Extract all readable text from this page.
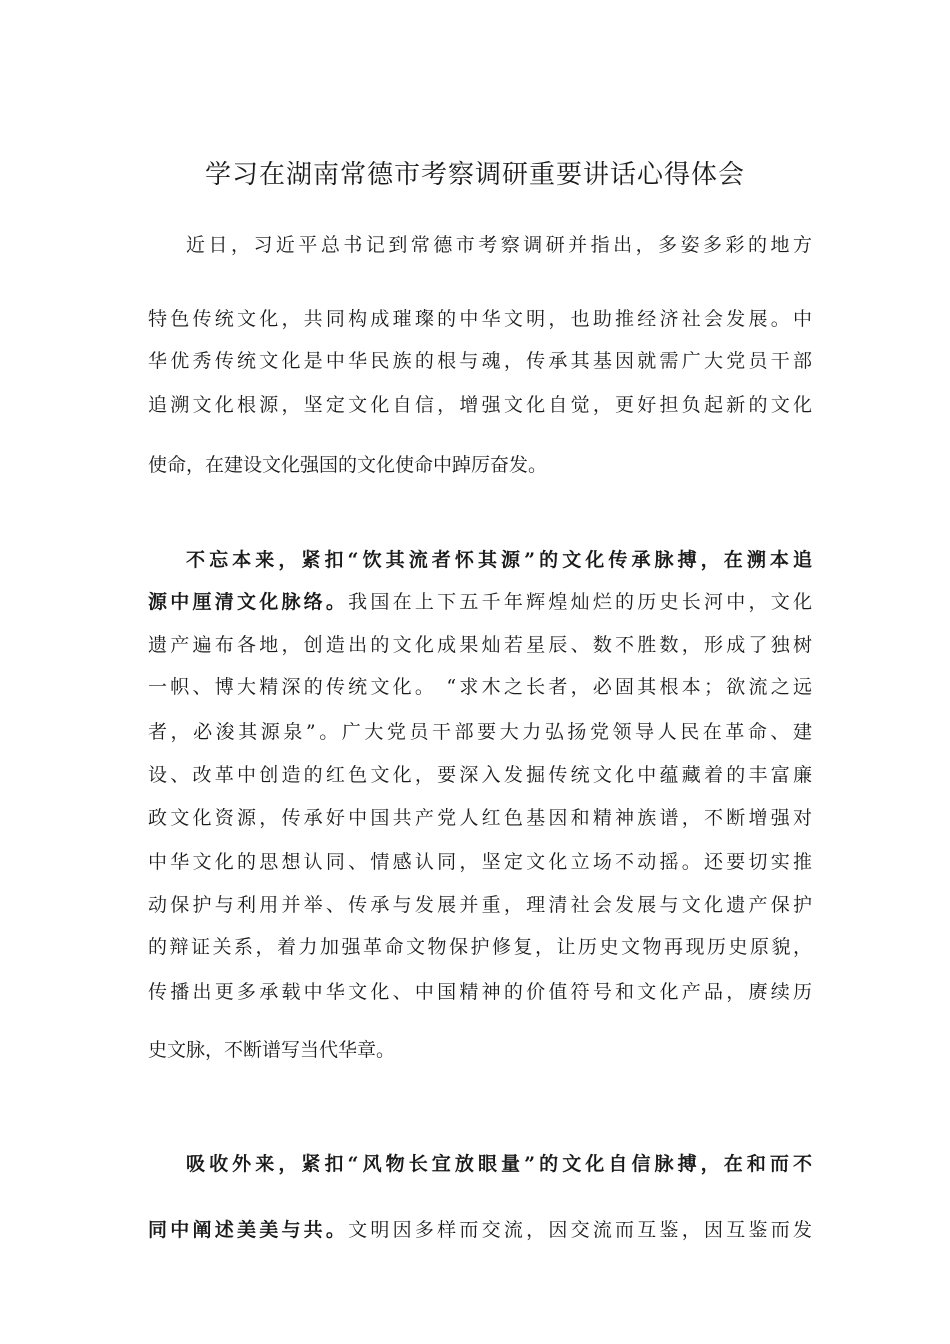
学习在湖南常德市考察调研重要讲话心得体会
近日，习近平总书记到常德市考察调研并指出，多姿多彩的地方
特色传统文化，共同构成璀璨的中华文明，也助推经济社会发展。中
华优秀传统文化是中华民族的根与魂，传承其基因就需广大党员干部
追溯文化根源，坚定文化自信，增强文化自觉，更好担负起新的文化
使命，在建设文化强国的文化使命中踔厉奋发。
不忘本来，紧扣“饮其流者怀其源”的文化传承脉搏，在溯本追
源中厘清文化脉络。我国在上下五千年辉煌灿烂的历史长河中，文化
遗产遍布各地，创造出的文化成果灿若星辰、数不胜数，形成了独树
一帜、博大精深的传统文化。 “求木之长者，必固其根本；欲流之远
者，必浚其源泉”。广大党员干部要大力弘扬党领导人民在革命、建
设、改革中创造的红色文化，要深入发掘传统文化中蕴藏着的丰富廉
政文化资源，传承好中国共产党人红色基因和精神族谱，不断增强对
中华文化的思想认同、情感认同，坚定文化立场不动摇。还要切实推
动保护与利用并举、传承与发展并重，理清社会发展与文化遗产保护
的辩证关系，着力加强革命文物保护修复，让历史文物再现历史原貌，
传播出更多承载中华文化、中国精神的价值符号和文化产品，赓续历
史文脉，不断谱写当代华章。
吸收外来，紧扣“风物长宜放眼量”的文化自信脉搏，在和而不
同中阐述美美与共。文明因多样而交流，因交流而互鉴，因互鉴而发
